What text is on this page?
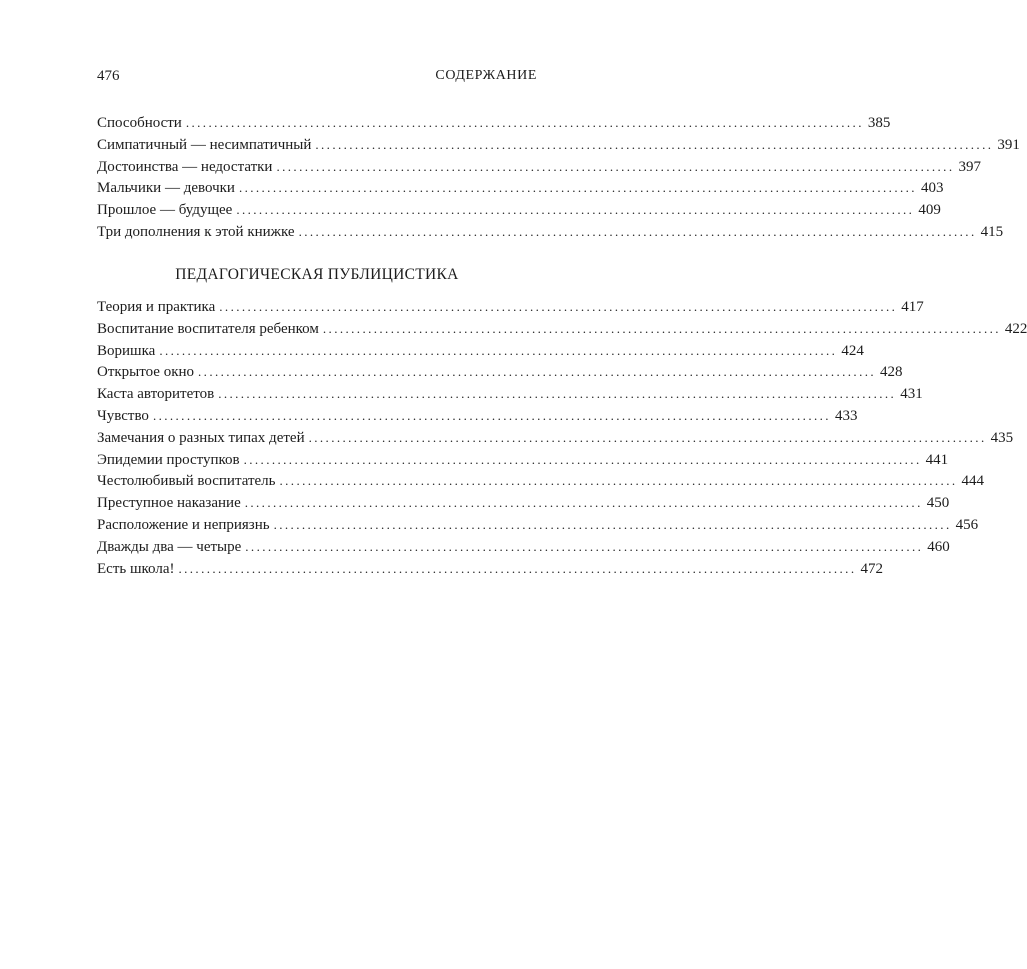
476	СОДЕРЖАНИЕ
Способности ........................................................................................................................ 385
Симпатичный — несимпатичный ........................................................................................................................ 391
Достоинства — недостатки ........................................................................................................................ 397
Мальчики — девочки ........................................................................................................................ 403
Прошлое — будущее ........................................................................................................................ 409
Три дополнения к этой книжке ........................................................................................................................ 415
ПЕДАГОГИЧЕСКАЯ ПУБЛИЦИСТИКА
Теория и практика ........................................................................................................................ 417
Воспитание воспитателя ребенком ........................................................................................................................ 422
Воришка ........................................................................................................................ 424
Открытое окно ........................................................................................................................ 428
Каста авторитетов ........................................................................................................................ 431
Чувство ........................................................................................................................ 433
Замечания о разных типах детей ........................................................................................................................ 435
Эпидемии проступков ........................................................................................................................ 441
Честолюбивый воспитатель ........................................................................................................................ 444
Преступное наказание ........................................................................................................................ 450
Расположение и неприязнь ........................................................................................................................ 456
Дважды два — четыре ........................................................................................................................ 460
Есть школа! ........................................................................................................................ 472
